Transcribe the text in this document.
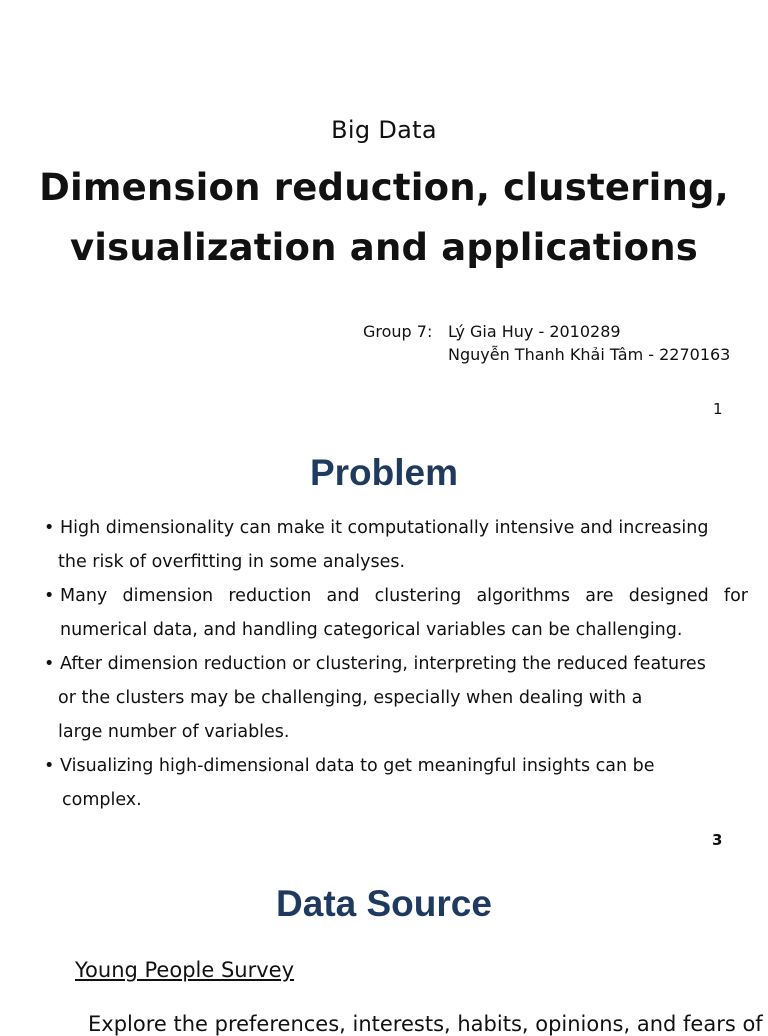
Big Data
Dimension reduction, clustering,
visualization and applications
Group 7: Lý Gia Huy - 2010289
Nguyễn Thanh Khải Tâm - 2270163
1
Problem
• High dimensionality can make it computationally intensive and increasing
the risk of overfitting in some analyses.
• Many dimension reduction and clustering algorithms are designed for
numerical data, and handling categorical variables can be challenging.
• After dimension reduction or clustering, interpreting the reduced features
or the clusters may be challenging, especially when dealing with a
large number of variables.
• Visualizing high-dimensional data to get meaningful insights can be
complex.
3
Data Source
Young People Survey
Explore the preferences, interests, habits, opinions, and fears of
